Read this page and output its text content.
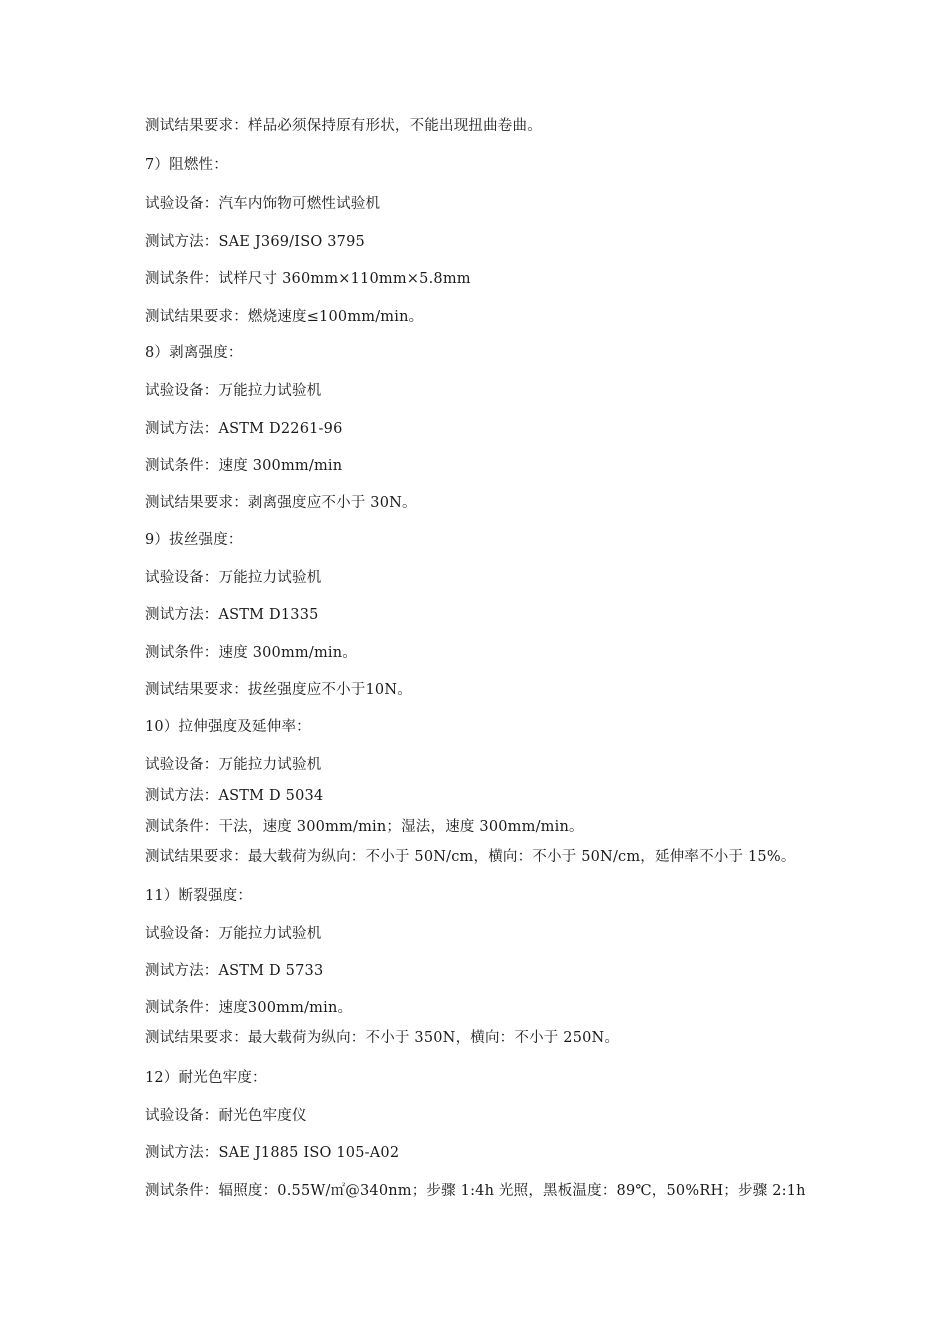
测试结果要求：样品必须保持原有形状，不能出现扭曲卷曲。
7）阻燃性：
试验设备：汽车内饰物可燃性试验机
测试方法：SAE J369/ISO 3795
测试条件：试样尺寸 360mm×110mm×5.8mm
测试结果要求：燃烧速度≤100mm/min。
8）剥离强度：
试验设备：万能拉力试验机
测试方法：ASTM D2261-96
测试条件：速度 300mm/min
测试结果要求：剥离强度应不小于 30N。
9）拔丝强度：
试验设备：万能拉力试验机
测试方法：ASTM D1335
测试条件：速度 300mm/min。
测试结果要求：拔丝强度应不小于10N。
10）拉伸强度及延伸率：
试验设备：万能拉力试验机
测试方法：ASTM D 5034
测试条件：干法，速度 300mm/min；湿法，速度 300mm/min。
测试结果要求：最大载荷为纵向：不小于 50N/cm，横向：不小于 50N/cm，延伸率不小于 15%。
11）断裂强度：
试验设备：万能拉力试验机
测试方法：ASTM D 5733
测试条件：速度300mm/min。
测试结果要求：最大载荷为纵向：不小于 350N，横向：不小于 250N。
12）耐光色牢度：
试验设备：耐光色牢度仪
测试方法：SAE J1885 ISO 105-A02
测试条件：辐照度：0.55W/㎡@340nm；步骤 1:4h 光照，黑板温度：89℃，50%RH；步骤 2:1h
